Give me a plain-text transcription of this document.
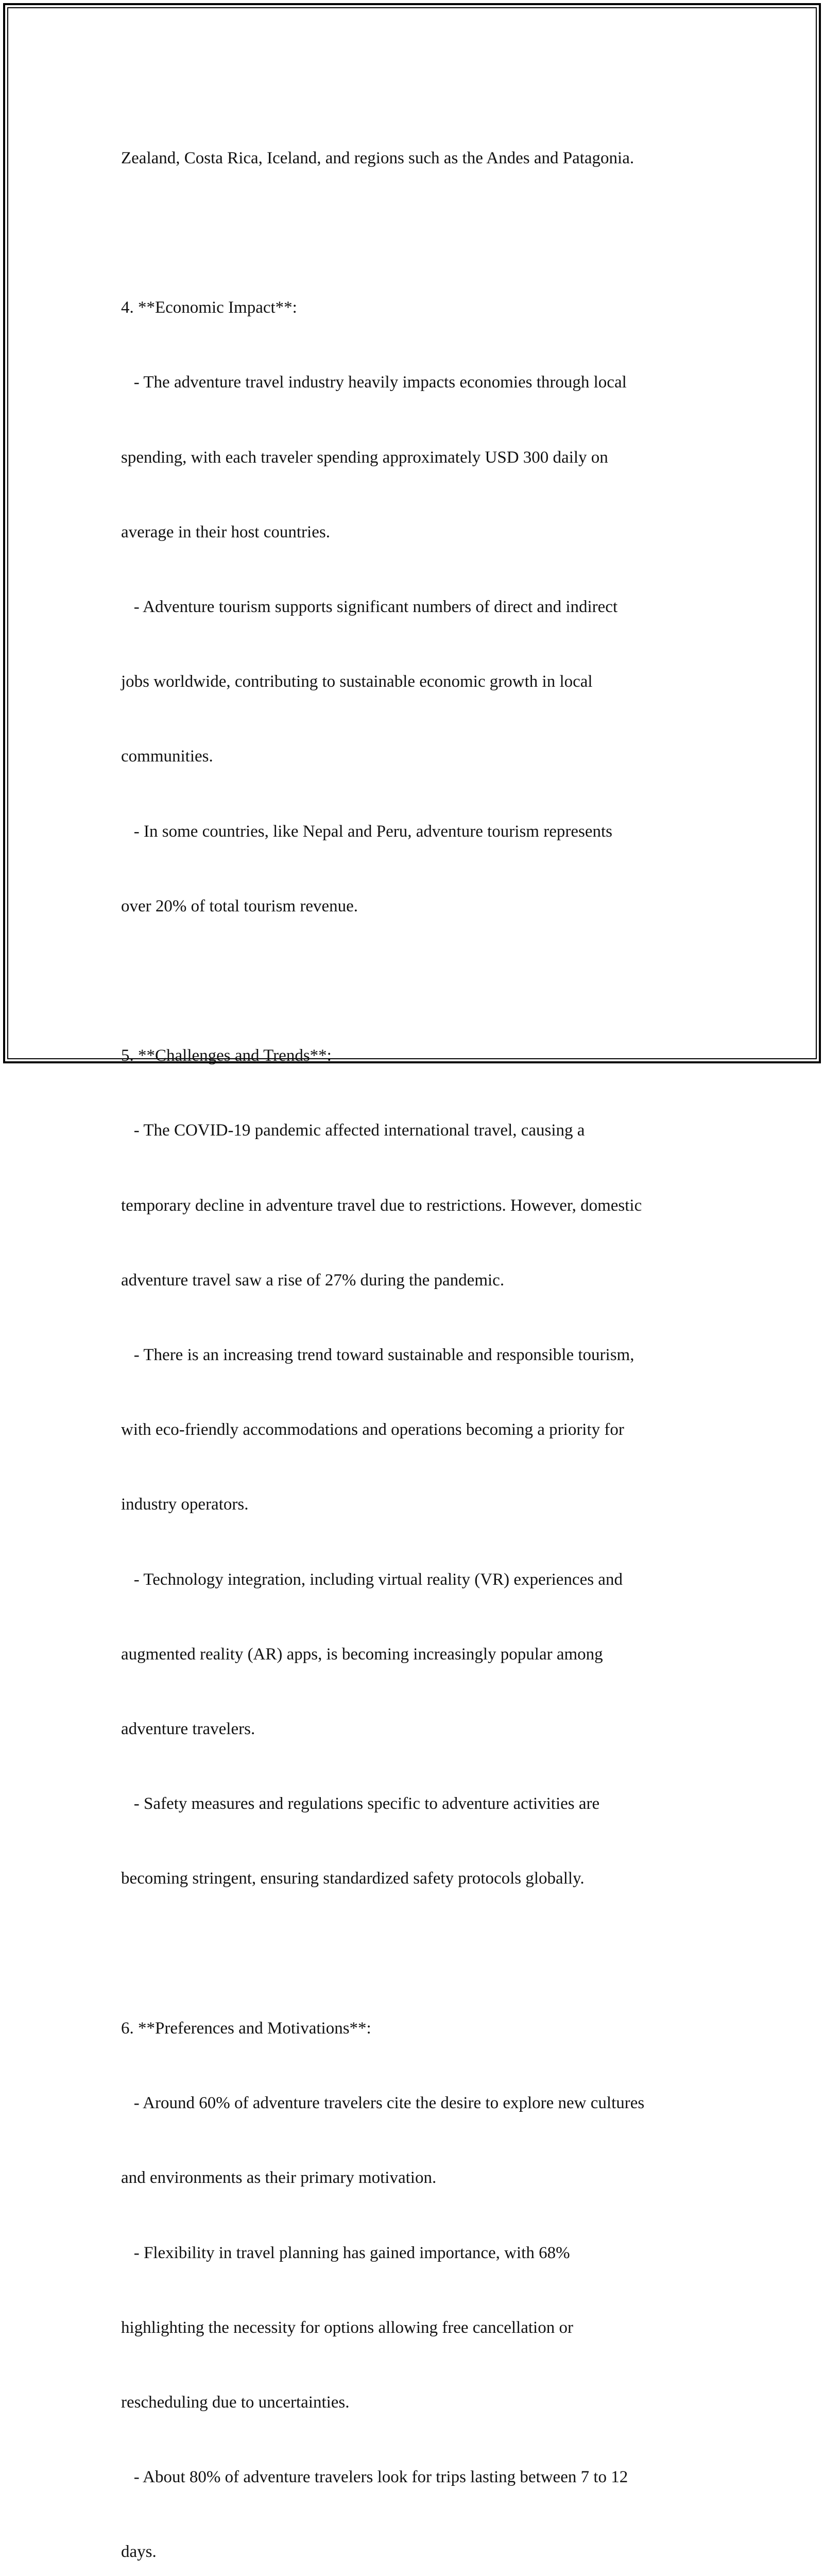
Zealand, Costa Rica, Iceland, and regions such as the Andes and Patagonia.

4. **Economic Impact**:

- The adventure travel industry heavily impacts economies through local

spending, with each traveler spending approximately USD 300 daily on

average in their host countries.

- Adventure tourism supports significant numbers of direct and indirect

jobs worldwide, contributing to sustainable economic growth in local

communities.

- In some countries, like Nepal and Peru, adventure tourism represents

over 20% of total tourism revenue.

5. **Challenges and Trends**:

- The COVID-19 pandemic affected international travel, causing a

temporary decline in adventure travel due to restrictions. However, domestic

adventure travel saw a rise of 27% during the pandemic.

- There is an increasing trend toward sustainable and responsible tourism,

with eco-friendly accommodations and operations becoming a priority for

industry operators.

- Technology integration, including virtual reality (VR) experiences and

augmented reality (AR) apps, is becoming increasingly popular among

adventure travelers.

- Safety measures and regulations specific to adventure activities are

becoming stringent, ensuring standardized safety protocols globally.

6. **Preferences and Motivations**:

- Around 60% of adventure travelers cite the desire to explore new cultures

and environments as their primary motivation.

- Flexibility in travel planning has gained importance, with 68%

highlighting the necessity for options allowing free cancellation or

rescheduling due to uncertainties.

- About 80% of adventure travelers look for trips lasting between 7 to 12

days.
